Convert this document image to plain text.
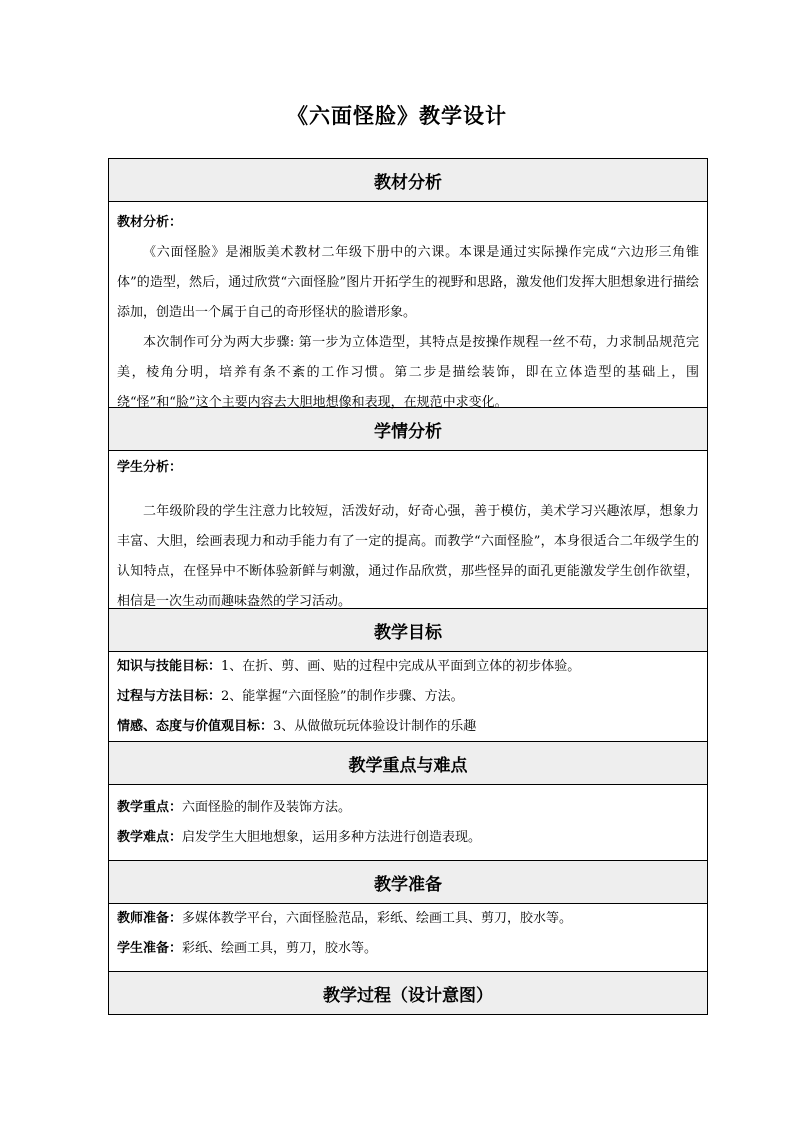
《六面怪脸》教学设计
教材分析

教材分析：

《六面怪脸》是湘版美术教材二年级下册中的六课。本课是通过实际操作完成“六边形三角锥体”的造型，然后，通过欣赏“六面怪脸”图片开拓学生的视野和思路，激发他们发挥大胆想象进行描绘添加，创造出一个属于自己的奇形怪状的脸谱形象。

本次制作可分为两大步骤: 第一步为立体造型，其特点是按操作规程一丝不苟，力求制品规范完美，棱角分明，培养有条不紊的工作习惯。第二步是描绘装饰，即在立体造型的基础上，围绕“怪”和“脸”这个主要内容去大胆地想像和表现，在规范中求变化。

学情分析

学生分析：

二年级阶段的学生注意力比较短，活泼好动，好奇心强，善于模仿，美术学习兴趣浓厚，想象力丰富、大胆，绘画表现力和动手能力有了一定的提高。而教学“六面怪脸”，本身很适合二年级学生的认知特点，在怪异中不断体验新鲜与刺激，通过作品欣赏，那些怪异的面孔更能激发学生创作欲望，相信是一次生动而趣味盎然的学习活动。

教学目标

知识与技能目标：1、在折、剪、画、贴的过程中完成从平面到立体的初步体验。

过程与方法目标：2、能掌握“六面怪脸”的制作步骤、方法。

情感、态度与价值观目标：3、从做做玩玩体验设计制作的乐趣

教学重点与难点

教学重点：六面怪脸的制作及装饰方法。

教学难点：启发学生大胆地想象，运用多种方法进行创造表现。

教学准备

教师准备：多媒体教学平台，六面怪脸范品，彩纸、绘画工具、剪刀，胶水等。

学生准备：彩纸、绘画工具，剪刀，胶水等。

教学过程（设计意图）
